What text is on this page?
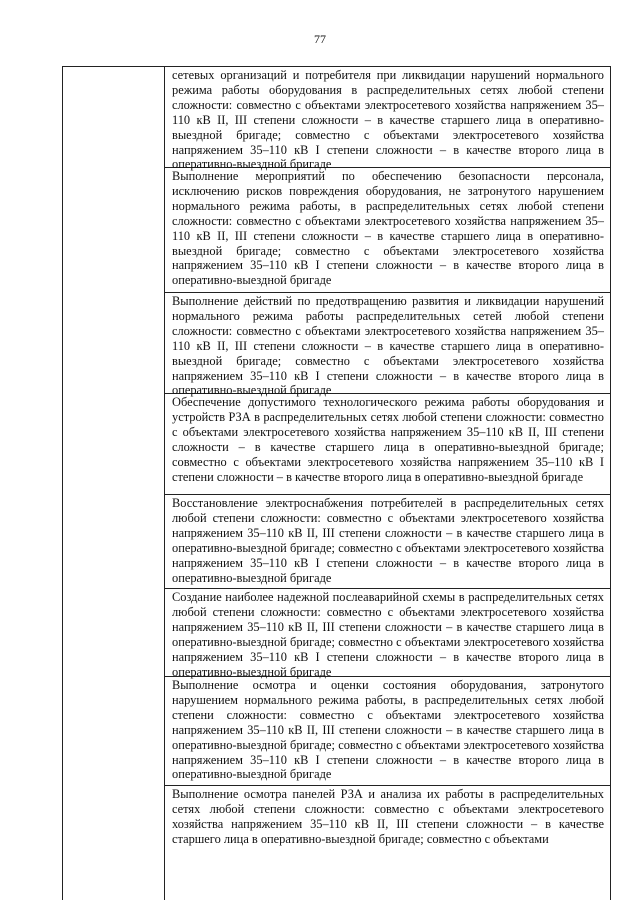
77
сетевых организаций и потребителя при ликвидации нарушений нормального режима работы оборудования в распределительных сетях любой степени сложности: совместно с объектами электросетевого хозяйства напряжением 35–110 кВ II, III степени сложности – в качестве старшего лица в оперативно-выездной бригаде; совместно с объектами электросетевого хозяйства напряжением 35–110 кВ I степени сложности – в качестве второго лица в оперативно-выездной бригаде
Выполнение мероприятий по обеспечению безопасности персонала, исключению рисков повреждения оборудования, не затронутого нарушением нормального режима работы, в распределительных сетях любой степени сложности: совместно с объектами электросетевого хозяйства напряжением 35–110 кВ II, III степени сложности – в качестве старшего лица в оперативно-выездной бригаде; совместно с объектами электросетевого хозяйства напряжением 35–110 кВ I степени сложности – в качестве второго лица в оперативно-выездной бригаде
Выполнение действий по предотвращению развития и ликвидации нарушений нормального режима работы распределительных сетей любой степени сложности: совместно с объектами электросетевого хозяйства напряжением 35–110 кВ II, III степени сложности – в качестве старшего лица в оперативно-выездной бригаде; совместно с объектами электросетевого хозяйства напряжением 35–110 кВ I степени сложности – в качестве второго лица в оперативно-выездной бригаде
Обеспечение допустимого технологического режима работы оборудования и устройств РЗА в распределительных сетях любой степени сложности: совместно с объектами электросетевого хозяйства напряжением 35–110 кВ II, III степени сложности – в качестве старшего лица в оперативно-выездной бригаде; совместно с объектами электросетевого хозяйства напряжением 35–110 кВ I степени сложности – в качестве второго лица в оперативно-выездной бригаде
Восстановление электроснабжения потребителей в распределительных сетях любой степени сложности: совместно с объектами электросетевого хозяйства напряжением 35–110 кВ II, III степени сложности – в качестве старшего лица в оперативно-выездной бригаде; совместно с объектами электросетевого хозяйства напряжением 35–110 кВ I степени сложности – в качестве второго лица в оперативно-выездной бригаде
Создание наиболее надежной послеаварийной схемы в распределительных сетях любой степени сложности: совместно с объектами электросетевого хозяйства напряжением 35–110 кВ II, III степени сложности – в качестве старшего лица в оперативно-выездной бригаде; совместно с объектами электросетевого хозяйства напряжением 35–110 кВ I степени сложности – в качестве второго лица в оперативно-выездной бригаде
Выполнение осмотра и оценки состояния оборудования, затронутого нарушением нормального режима работы, в распределительных сетях любой степени сложности: совместно с объектами электросетевого хозяйства напряжением 35–110 кВ II, III степени сложности – в качестве старшего лица в оперативно-выездной бригаде; совместно с объектами электросетевого хозяйства напряжением 35–110 кВ I степени сложности – в качестве второго лица в оперативно-выездной бригаде
Выполнение осмотра панелей РЗА и анализа их работы в распределительных сетях любой степени сложности: совместно с объектами электросетевого хозяйства напряжением 35–110 кВ II, III степени сложности – в качестве старшего лица в оперативно-выездной бригаде; совместно с объектами
